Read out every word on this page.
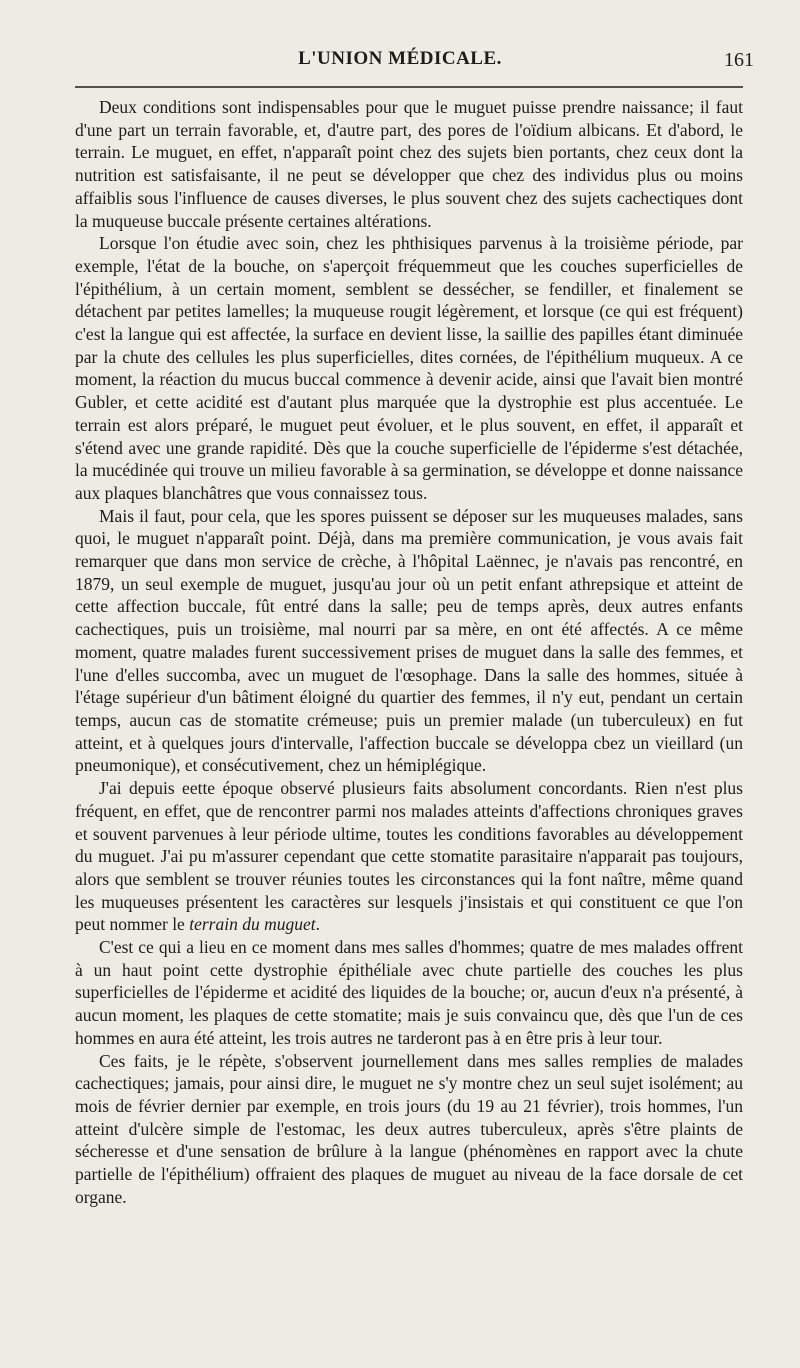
L'UNION MÉDICALE.	161

Deux conditions sont indispensables pour que le muguet puisse prendre naissance; il faut d'une part un terrain favorable, et, d'autre part, des pores de l'oïdium albicans. Et d'abord, le terrain. Le muguet, en effet, n'apparaît point chez des sujets bien portants, chez ceux dont la nutrition est satisfaisante, il ne peut se développer que chez des individus plus ou moins affaiblis sous l'influence de causes diverses, le plus souvent chez des sujets cachectiques dont la muqueuse buccale présente certaines altérations.

Lorsque l'on étudie avec soin, chez les phthisiques parvenus à la troisième période, par exemple, l'état de la bouche, on s'aperçoit fréquemmeut que les couches superficielles de l'épithélium, à un certain moment, semblent se dessécher, se fendiller, et finalement se détachent par petites lamelles; la muqueuse rougit légèrement, et lorsque (ce qui est fréquent) c'est la langue qui est affectée, la surface en devient lisse, la saillie des papilles étant diminuée par la chute des cellules les plus superficielles, dites cornées, de l'épithélium muqueux. A ce moment, la réaction du mucus buccal commence à devenir acide, ainsi que l'avait bien montré Gubler, et cette acidité est d'autant plus marquée que la dystrophie est plus accentuée. Le terrain est alors préparé, le muguet peut évoluer, et le plus souvent, en effet, il apparaît et s'étend avec une grande rapidité. Dès que la couche superficielle de l'épiderme s'est détachée, la mucédinée qui trouve un milieu favorable à sa germination, se développe et donne naissance aux plaques blanchâtres que vous connaissez tous.

Mais il faut, pour cela, que les spores puissent se déposer sur les muqueuses malades, sans quoi, le muguet n'apparaît point. Déjà, dans ma première communication, je vous avais fait remarquer que dans mon service de crèche, à l'hôpital Laënnec, je n'avais pas rencontré, en 1879, un seul exemple de muguet, jusqu'au jour où un petit enfant athrepsique et atteint de cette affection buccale, fût entré dans la salle; peu de temps après, deux autres enfants cachectiques, puis un troisième, mal nourri par sa mère, en ont été affectés. A ce même moment, quatre malades furent successivement prises de muguet dans la salle des femmes, et l'une d'elles succomba, avec un muguet de l'œsophage. Dans la salle des hommes, située à l'étage supérieur d'un bâtiment éloigné du quartier des femmes, il n'y eut, pendant un certain temps, aucun cas de stomatite crémeuse; puis un premier malade (un tuberculeux) en fut atteint, et à quelques jours d'intervalle, l'affection buccale se développa cbez un vieillard (un pneumonique), et consécutivement, chez un hémiplégique.

J'ai depuis eette époque observé plusieurs faits absolument concordants. Rien n'est plus fréquent, en effet, que de rencontrer parmi nos malades atteints d'affections chroniques graves et souvent parvenues à leur période ultime, toutes les conditions favorables au développement du muguet. J'ai pu m'assurer cependant que cette stomatite parasitaire n'apparait pas toujours, alors que semblent se trouver réunies toutes les circonstances qui la font naître, même quand les muqueuses présentent les caractères sur lesquels j'insistais et qui constituent ce que l'on peut nommer le terrain du muguet.

C'est ce qui a lieu en ce moment dans mes salles d'hommes; quatre de mes malades offrent à un haut point cette dystrophie épithéliale avec chute partielle des couches les plus superficielles de l'épiderme et acidité des liquides de la bouche; or, aucun d'eux n'a présenté, à aucun moment, les plaques de cette stomatite; mais je suis convaincu que, dès que l'un de ces hommes en aura été atteint, les trois autres ne tarderont pas à en être pris à leur tour.

Ces faits, je le répète, s'observent journellement dans mes salles remplies de malades cachectiques; jamais, pour ainsi dire, le muguet ne s'y montre chez un seul sujet isolément; au mois de février dernier par exemple, en trois jours (du 19 au 21 février), trois hommes, l'un atteint d'ulcère simple de l'estomac, les deux autres tuberculeux, après s'être plaints de sécheresse et d'une sensation de brûlure à la langue (phénomènes en rapport avec la chute partielle de l'épithélium) offraient des plaques de muguet au niveau de la face dorsale de cet organe.
